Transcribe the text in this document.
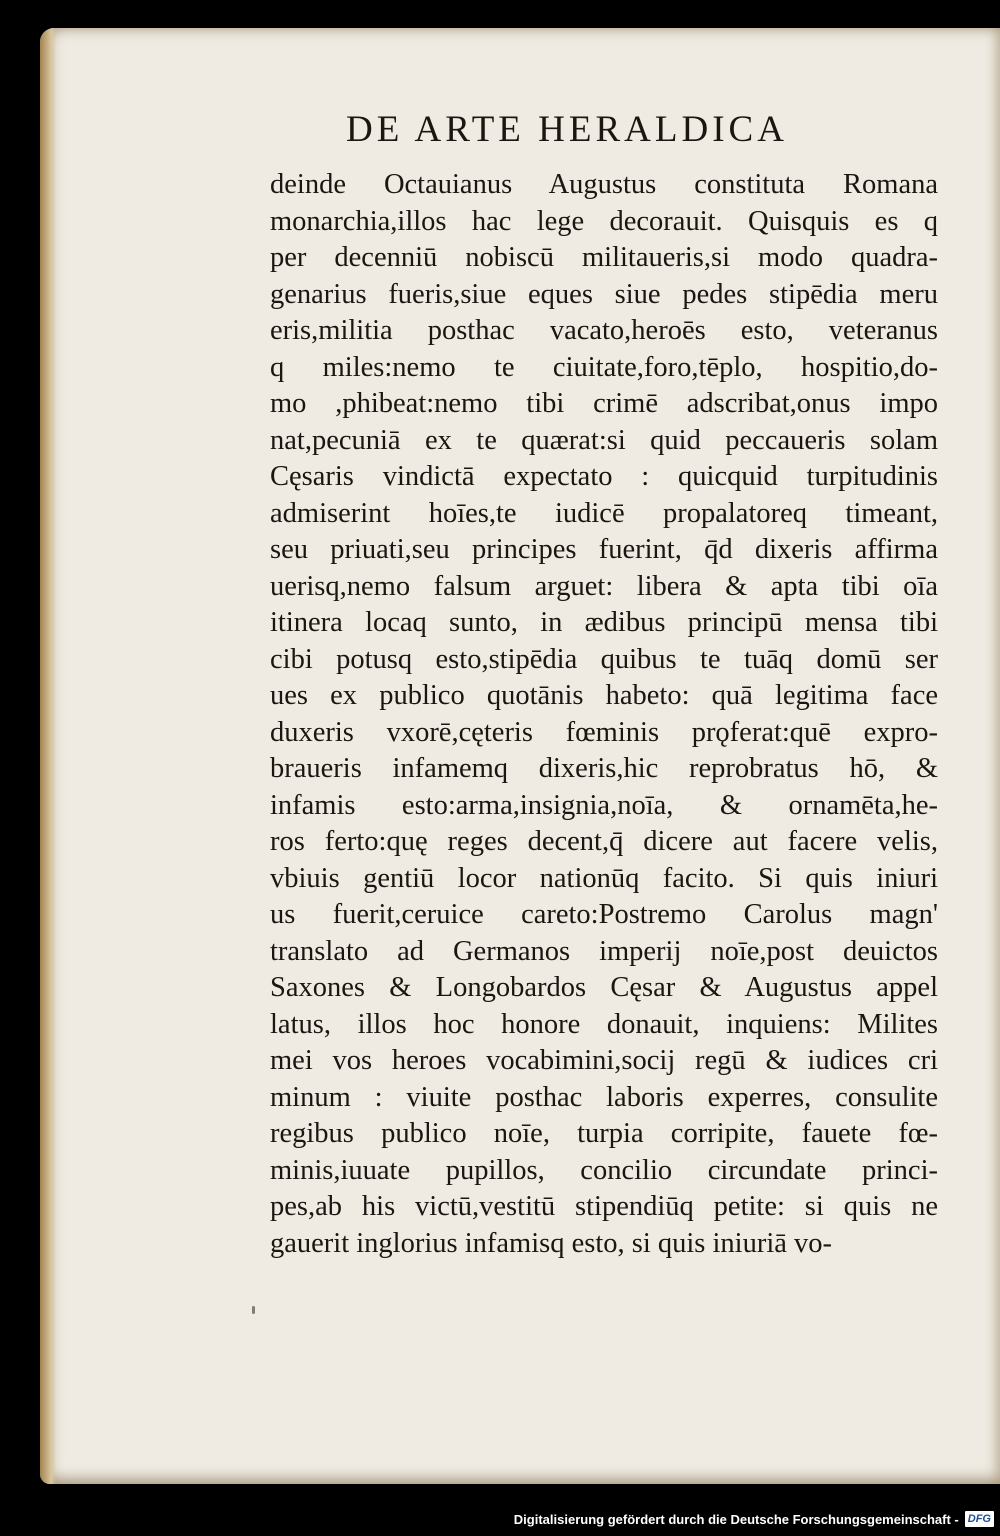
DE ARTE HERALDICA
deinde Octauianus Augustus constituta Romana
monarchia,illos hac lege decorauit. Quisquis es q
per decenniū nobiscū militaueris,si modo quadra-
genarius fueris,siue eques siue pedes stipēdia meru
eris,militia posthac vacato,heroēs esto, veteranus
q miles:nemo te ciuitate,foro,tēplo, hospitio,do-
mo ,phibeat:nemo tibi crimē adscribat,onus impo
nat,pecuniā ex te quærat:si quid peccaueris solam
Cęsaris vindictā expectato : quicquid turpitudinis
admiserint hoīes,te iudicē propalatoreq timeant,
seu priuati,seu principes fuerint, q̄d dixeris affirma
uerisq,nemo falsum arguet: libera & apta tibi oīa
itinera locaq sunto, in ædibus principū mensa tibi
cibi potusq esto,stipēdia quibus te tuāq domū ser
ues ex publico quotānis habeto: quā legitima face
duxeris vxorē,cęteris fœminis prǫferat:quē expro-
braueris infamemq dixeris,hic reprobratus hō, &
infamis esto:arma,insignia,noīa, & ornamēta,he-
ros ferto:quę reges decent,q̄ dicere aut facere velis,
vbiuis gentiū locor nationūq facito. Si quis iniuri
us fuerit,ceruice careto:Postremo Carolus magn'
translato ad Germanos imperij noīe,post deuictos
Saxones & Longobardos Cęsar & Augustus appel
latus, illos hoc honore donauit, inquiens: Milites
mei vos heroes vocabimini,socij regū & iudices cri
minum : viuite posthac laboris experres, consulite
regibus publico noīe, turpia corripite, fauete fœ-
minis,iuuate pupillos, concilio circundate princi-
pes,ab his victū,vestitū stipendiūq petite: si quis ne
gauerit inglorius infamisq esto, si quis iniuriā vo-
Digitalisierung gefördert durch die Deutsche Forschungsgemeinschaft - DFG
